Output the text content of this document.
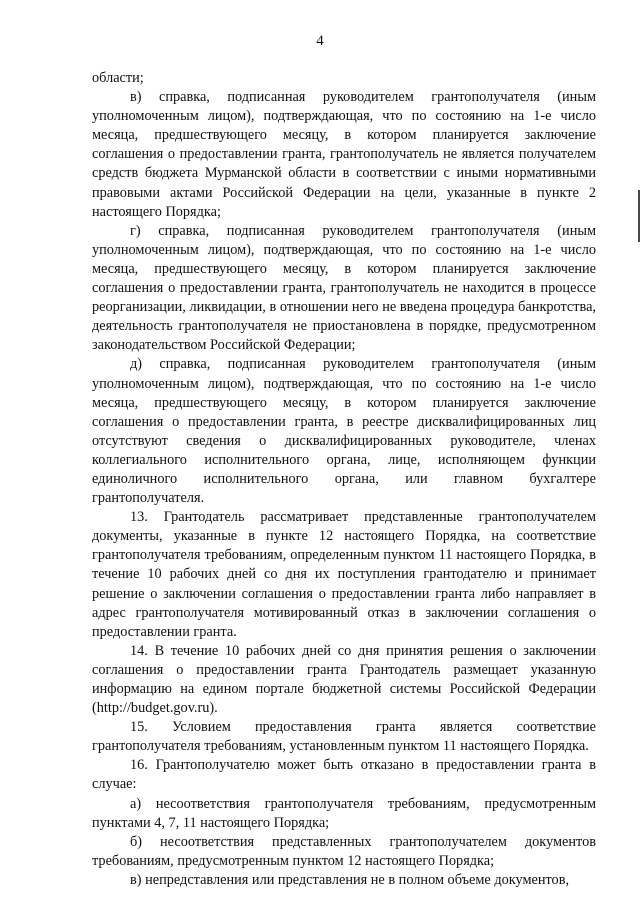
4

области;

в) справка, подписанная руководителем грантополучателя (иным уполномоченным лицом), подтверждающая, что по состоянию на 1-е число месяца, предшествующего месяцу, в котором планируется заключение соглашения о предоставлении гранта, грантополучатель не является получателем средств бюджета Мурманской области в соответствии с иными нормативными правовыми актами Российской Федерации на цели, указанные в пункте 2 настоящего Порядка;

г) справка, подписанная руководителем грантополучателя (иным уполномоченным лицом), подтверждающая, что по состоянию на 1-е число месяца, предшествующего месяцу, в котором планируется заключение соглашения о предоставлении гранта, грантополучатель не находится в процессе реорганизации, ликвидации, в отношении него не введена процедура банкротства, деятельность грантополучателя не приостановлена в порядке, предусмотренном законодательством Российской Федерации;

д) справка, подписанная руководителем грантополучателя (иным уполномоченным лицом), подтверждающая, что по состоянию на 1-е число месяца, предшествующего месяцу, в котором планируется заключение соглашения о предоставлении гранта, в реестре дисквалифицированных лиц отсутствуют сведения о дисквалифицированных руководителе, членах коллегиального исполнительного органа, лице, исполняющем функции единоличного исполнительного органа, или главном бухгалтере грантополучателя.

13. Грантодатель рассматривает представленные грантополучателем документы, указанные в пункте 12 настоящего Порядка, на соответствие грантополучателя требованиям, определенным пунктом 11 настоящего Порядка, в течение 10 рабочих дней со дня их поступления грантодателю и принимает решение о заключении соглашения о предоставлении гранта либо направляет в адрес грантополучателя мотивированный отказ в заключении соглашения о предоставлении гранта.

14. В течение 10 рабочих дней со дня принятия решения о заключении соглашения о предоставлении гранта Грантодатель размещает указанную информацию на едином портале бюджетной системы Российской Федерации (http://budget.gov.ru).

15. Условием предоставления гранта является соответствие грантополучателя требованиям, установленным пунктом 11 настоящего Порядка.

16. Грантополучателю может быть отказано в предоставлении гранта в случае:

а) несоответствия грантополучателя требованиям, предусмотренным пунктами 4, 7, 11 настоящего Порядка;

б) несоответствия представленных грантополучателем документов требованиям, предусмотренным пунктом 12 настоящего Порядка;

в) непредставления или представления не в полном объеме документов,
